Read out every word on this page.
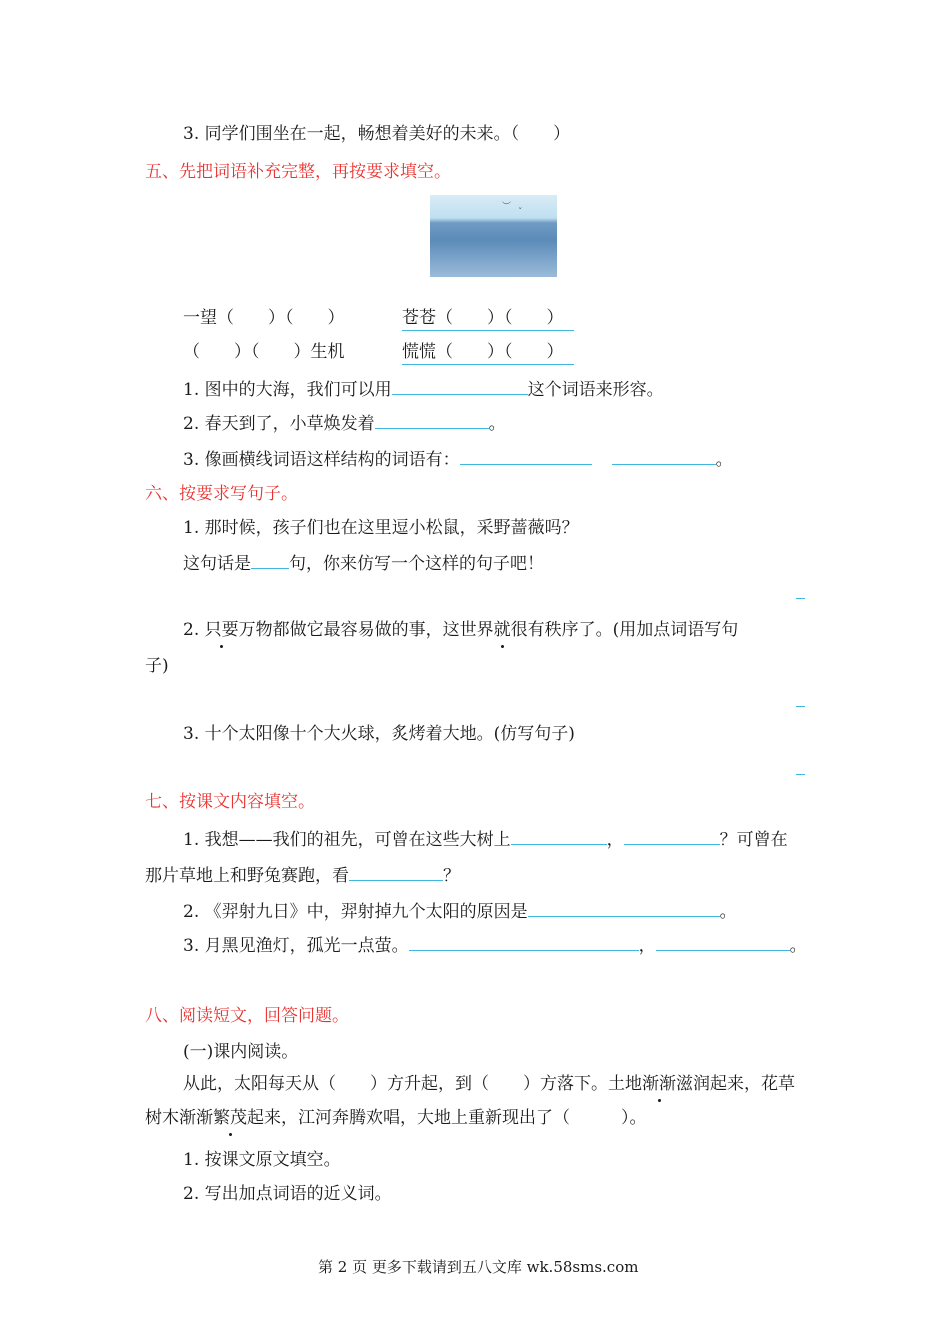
3. 同学们围坐在一起，畅想着美好的未来。（　　）
五、先把词语补充完整，再按要求填空。
︶
ˇ
一望（　　）（　　）	苍苍（　　）（　　）
（　　）（　　）生机	慌慌（　　）（　　）
1. 图中的大海，我们可以用	这个词语来形容。
2. 春天到了，小草焕发着	。
3. 像画横线词语这样结构的词语有：	。
六、按要求写句子。
1. 那时候，孩子们也在这里逗小松鼠，采野蔷薇吗？
这句话是 句，你来仿写一个这样的句子吧！
2. 只要万物都做它最容易做的事，这世界就很有秩序了。(用加点词语写句
子)
3. 十个太阳像十个大火球，炙烤着大地。(仿写句子)
七、按课文内容填空。
1. 我想——我们的祖先，可曾在这些大树上	，	？可曾在
那片草地上和野兔赛跑，看	？
2. 《羿射九日》中，羿射掉九个太阳的原因是	。
3. 月黑见渔灯，孤光一点萤。	，	。
八、阅读短文，回答问题。
(一)课内阅读。
从此，太阳每天从（　　）方升起，到（　　）方落下。土地渐渐滋润起来，花草
树木渐渐繁茂起来，江河奔腾欢唱，大地上重新现出了（　　　）。
1. 按课文原文填空。
2. 写出加点词语的近义词。
第 2 页 更多下载请到五八文库 wk.58sms.com
